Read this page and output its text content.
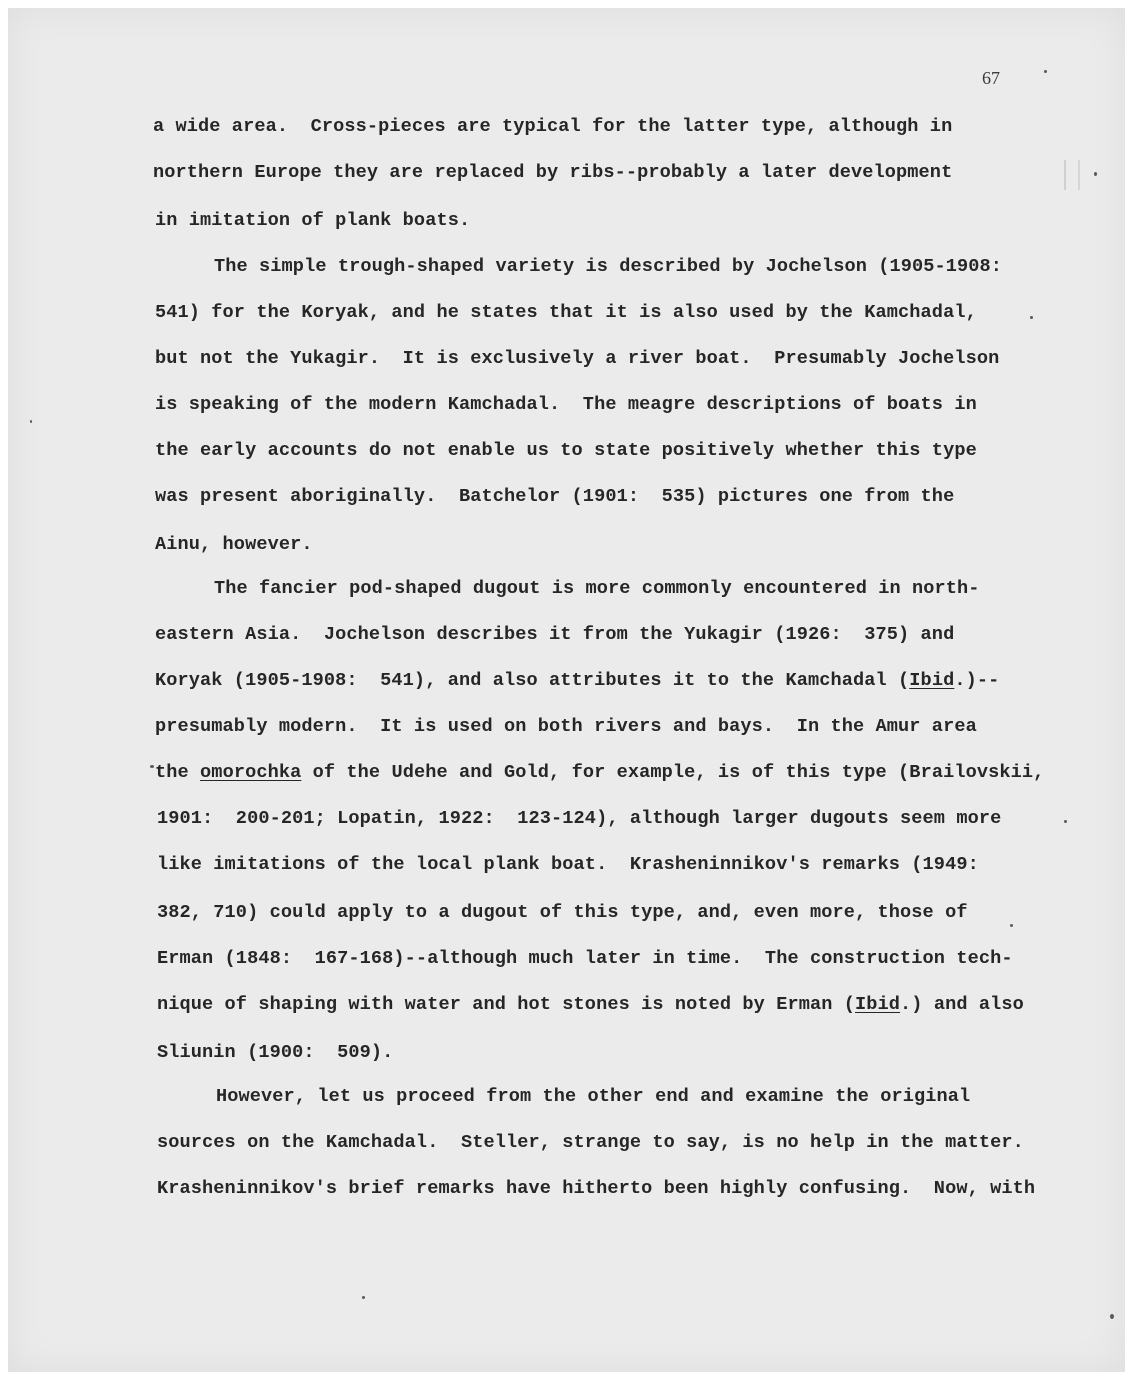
67
a wide area.  Cross-pieces are typical for the latter type, although in
northern Europe they are replaced by ribs--probably a later development
in imitation of plank boats.
The simple trough-shaped variety is described by Jochelson (1905-1908:
541) for the Koryak, and he states that it is also used by the Kamchadal,
but not the Yukagir.  It is exclusively a river boat.  Presumably Jochelson
is speaking of the modern Kamchadal.  The meagre descriptions of boats in
the early accounts do not enable us to state positively whether this type
was present aboriginally.  Batchelor (1901:  535) pictures one from the
Ainu, however.
The fancier pod-shaped dugout is more commonly encountered in north-
eastern Asia.  Jochelson describes it from the Yukagir (1926:  375) and
Koryak (1905-1908:  541), and also attributes it to the Kamchadal (Ibid.)--
presumably modern.  It is used on both rivers and bays.  In the Amur area
the omorochka of the Udehe and Gold, for example, is of this type (Brailovskii,
1901:  200-201; Lopatin, 1922:  123-124), although larger dugouts seem more
like imitations of the local plank boat.  Krasheninnikov's remarks (1949:
382, 710) could apply to a dugout of this type, and, even more, those of
Erman (1848:  167-168)--although much later in time.  The construction tech-
nique of shaping with water and hot stones is noted by Erman (Ibid.) and also
Sliunin (1900:  509).
However, let us proceed from the other end and examine the original
sources on the Kamchadal.  Steller, strange to say, is no help in the matter.
Krasheninnikov's brief remarks have hitherto been highly confusing.  Now, with
